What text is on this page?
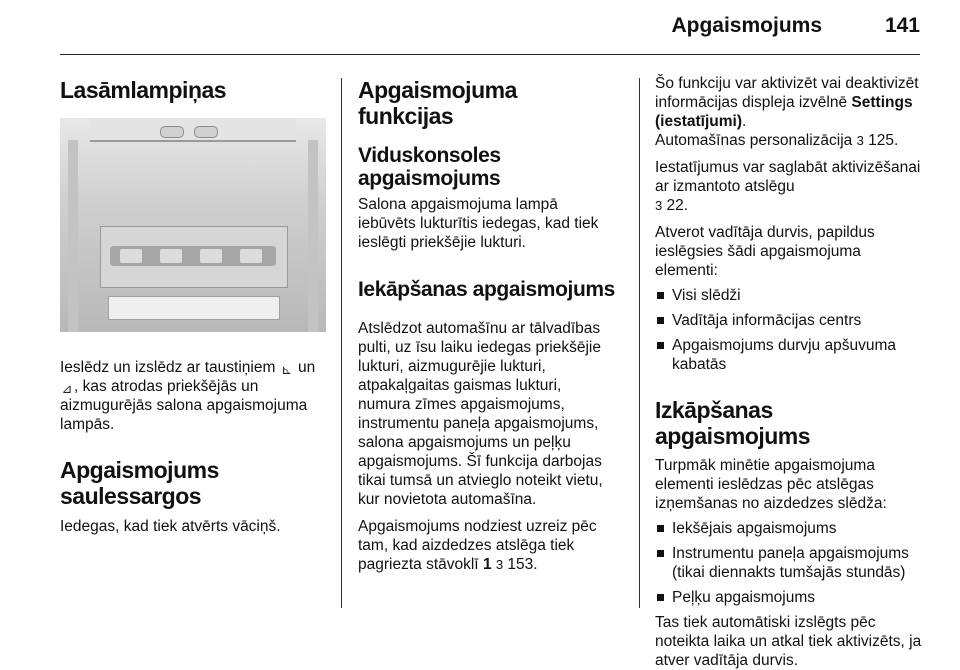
Apgaismojums	141
Lasāmlampiņas

Ieslēdz un izslēdz ar taustiņiem ⊾ un ⊿, kas atrodas priekšējās un aizmugurējās salona apgaismojuma lampās.

Apgaismojums saulessargos

Iedegas, kad tiek atvērts vāciņš.

Apgaismojuma funkcijas
Viduskonsoles apgaismojums

Salona apgaismojuma lampā iebūvēts lukturītis iedegas, kad tiek ieslēgti priekšējie lukturi.

Iekāpšanas apgaismojums

Atslēdzot automašīnu ar tālvadības pulti, uz īsu laiku iedegas priekšējie lukturi, aizmugurējie lukturi, atpakaļgaitas gaismas lukturi, numura zīmes apgaismojums, instrumentu paneļa apgaismojums, salona apgaismojums un peļķu apgaismojums. Šī funkcija darbojas tikai tumsā un atvieglo noteikt vietu, kur novietota automašīna.

Apgaismojums nodziest uzreiz pēc tam, kad aizdedzes atslēga tiek pagriezta stāvoklī 1 3 153.

Šo funkciju var aktivizēt vai deaktivizēt informācijas displeja izvēlnē Settings (iestatījumi).
Automašīnas personalizācija 3 125.

Iestatījumus var saglabāt aktivizēšanai ar izmantoto atslēgu
3 22.

Atverot vadītāja durvis, papildus ieslēgsies šādi apgaismojuma elementi:

Visi slēdži
Vadītāja informācijas centrs
Apgaismojums durvju apšuvuma kabatās
Izkāpšanas apgaismojums

Turpmāk minētie apgaismojuma elementi ieslēdzas pēc atslēgas izņemšanas no aizdedzes slēdža:

Iekšējais apgaismojums
Instrumentu paneļa apgaismojums (tikai diennakts tumšajās stundās)
Peļķu apgaismojums

Tas tiek automātiski izslēgts pēc noteikta laika un atkal tiek aktivizēts, ja atver vadītāja durvis.
